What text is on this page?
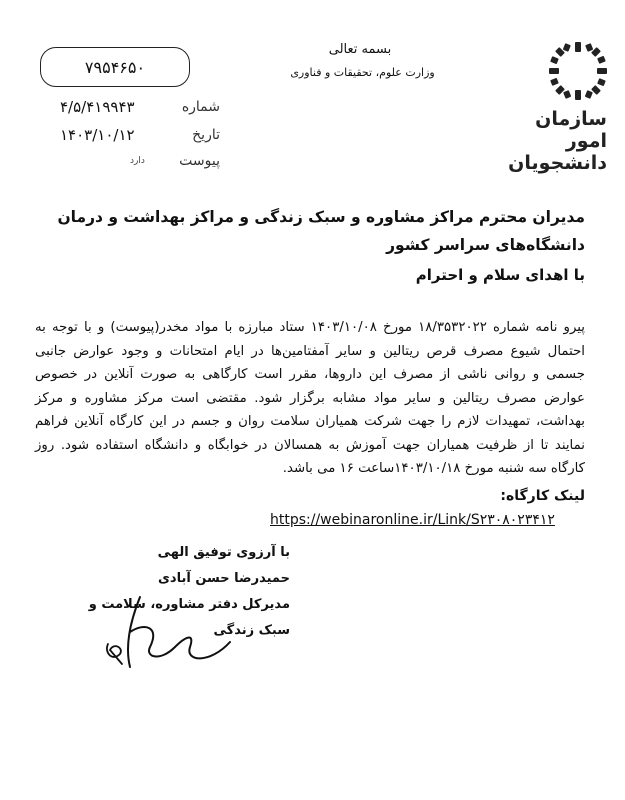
سازمان امور
دانشجویان
بسمه تعالی
وزارت علوم، تحقیقات و فناوری
۷۹۵۴۶۵۰
شماره
۴/۵/۴۱۹۹۴۳
تاریخ
۱۴۰۳/۱۰/۱۲
پیوست
دارد
مدیران محترم مراکز مشاوره و سبک زندگی و مراکز بهداشت و درمان دانشگاه‌های سراسر کشور
با اهدای سلام و احترام
پیرو نامه شماره ۱۸/۳۵۳۲۰۲۲ مورخ ۱۴۰۳/۱۰/۰۸ ستاد مبارزه با مواد مخدر(پیوست) و با توجه به احتمال شیوع مصرف قرص ریتالین و سایر آمفتامین‌ها در ایام امتحانات و وجود عوارض جانبی جسمی و روانی ناشی از مصرف این داروها، مقرر است کارگاهی به صورت آنلاین در خصوص عوارض مصرف ریتالین و سایر مواد مشابه برگزار شود. مقتضی است مرکز مشاوره و مرکز بهداشت، تمهیدات لازم را جهت شرکت همیاران سلامت روان و جسم در این کارگاه آنلاین فراهم نمایند تا از ظرفیت همیاران جهت آموزش به همسالان در خوابگاه و دانشگاه استفاده شود. روز کارگاه سه شنبه مورخ ۱۴۰۳/۱۰/۱۸ساعت ۱۶ می باشد.
لینک کارگاه:
https://webinaronline.ir/Link/S۲۳۰۸۰۲۳۴۱۲
با آرزوی توفیق الهی
حمیدرضا حسن آبادی
مدیرکل دفتر مشاوره، سلامت و سبک زندگی
